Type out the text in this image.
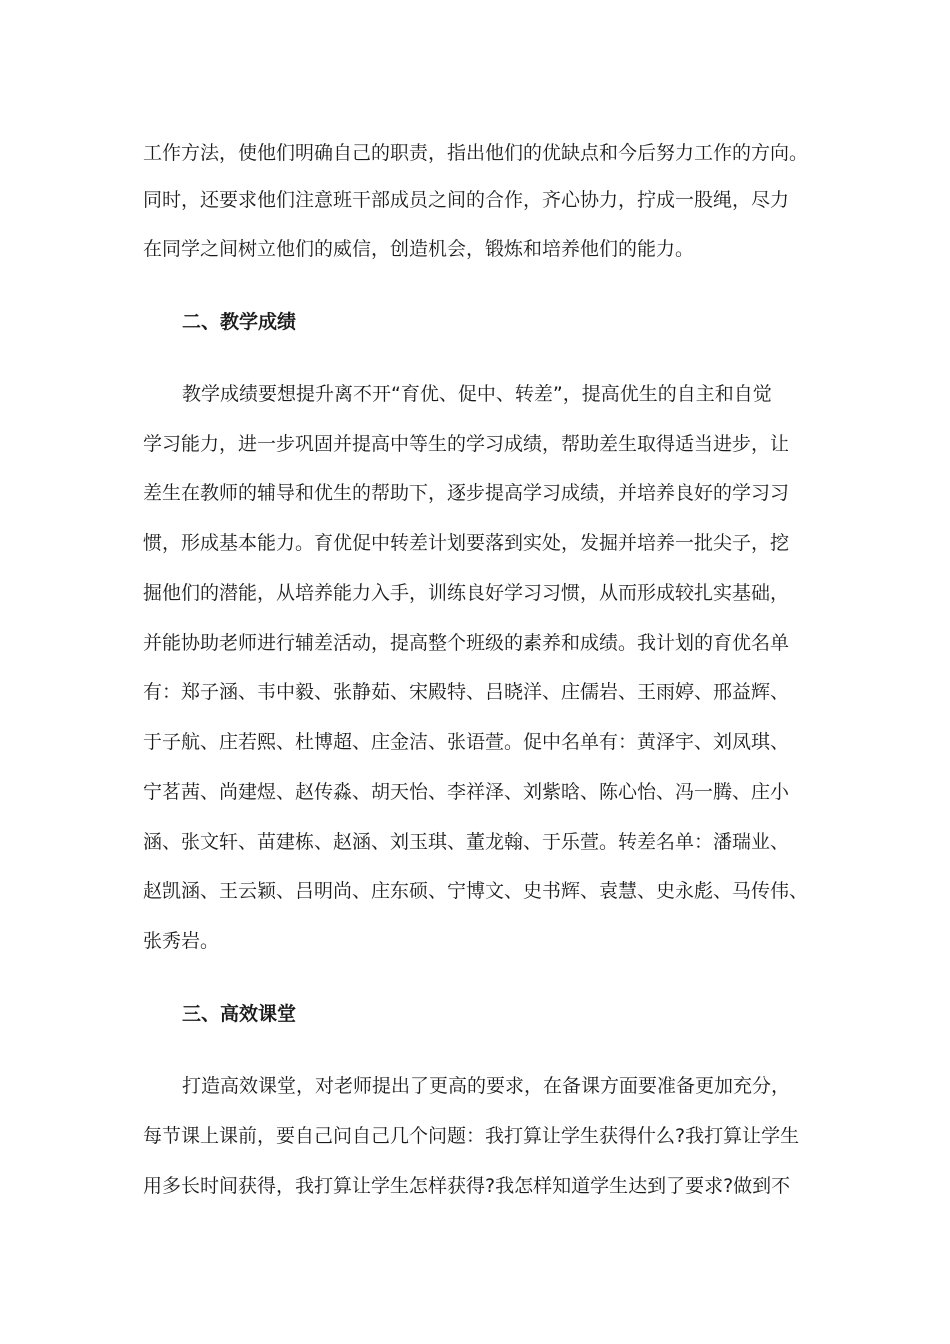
工作方法，使他们明确自己的职责，指出他们的优缺点和今后努力工作的方向。
同时，还要求他们注意班干部成员之间的合作，齐心协力，拧成一股绳，尽力
在同学之间树立他们的威信，创造机会，锻炼和培养他们的能力。
二、教学成绩
教学成绩要想提升离不开“育优、促中、转差”，提高优生的自主和自觉
学习能力，进一步巩固并提高中等生的学习成绩，帮助差生取得适当进步，让
差生在教师的辅导和优生的帮助下，逐步提高学习成绩，并培养良好的学习习
惯，形成基本能力。育优促中转差计划要落到实处，发掘并培养一批尖子，挖
掘他们的潜能，从培养能力入手，训练良好学习习惯，从而形成较扎实基础，
并能协助老师进行辅差活动，提高整个班级的素养和成绩。我计划的育优名单
有：郑子涵、韦中毅、张静茹、宋殿特、吕晓洋、庄儒岩、王雨婷、邢益辉、
于子航、庄若熙、杜博超、庄金洁、张语萱。促中名单有：黄泽宇、刘凤琪、
宁茗茜、尚建煜、赵传淼、胡天怡、李祥泽、刘紫晗、陈心怡、冯一腾、庄小
涵、张文轩、苗建栋、赵涵、刘玉琪、董龙翰、于乐萱。转差名单：潘瑞业、
赵凯涵、王云颖、吕明尚、庄东硕、宁博文、史书辉、袁慧、史永彪、马传伟、
张秀岩。
三、高效课堂
打造高效课堂，对老师提出了更高的要求，在备课方面要准备更加充分，
每节课上课前，要自己问自己几个问题：我打算让学生获得什么?我打算让学生
用多长时间获得，我打算让学生怎样获得?我怎样知道学生达到了要求?做到不
